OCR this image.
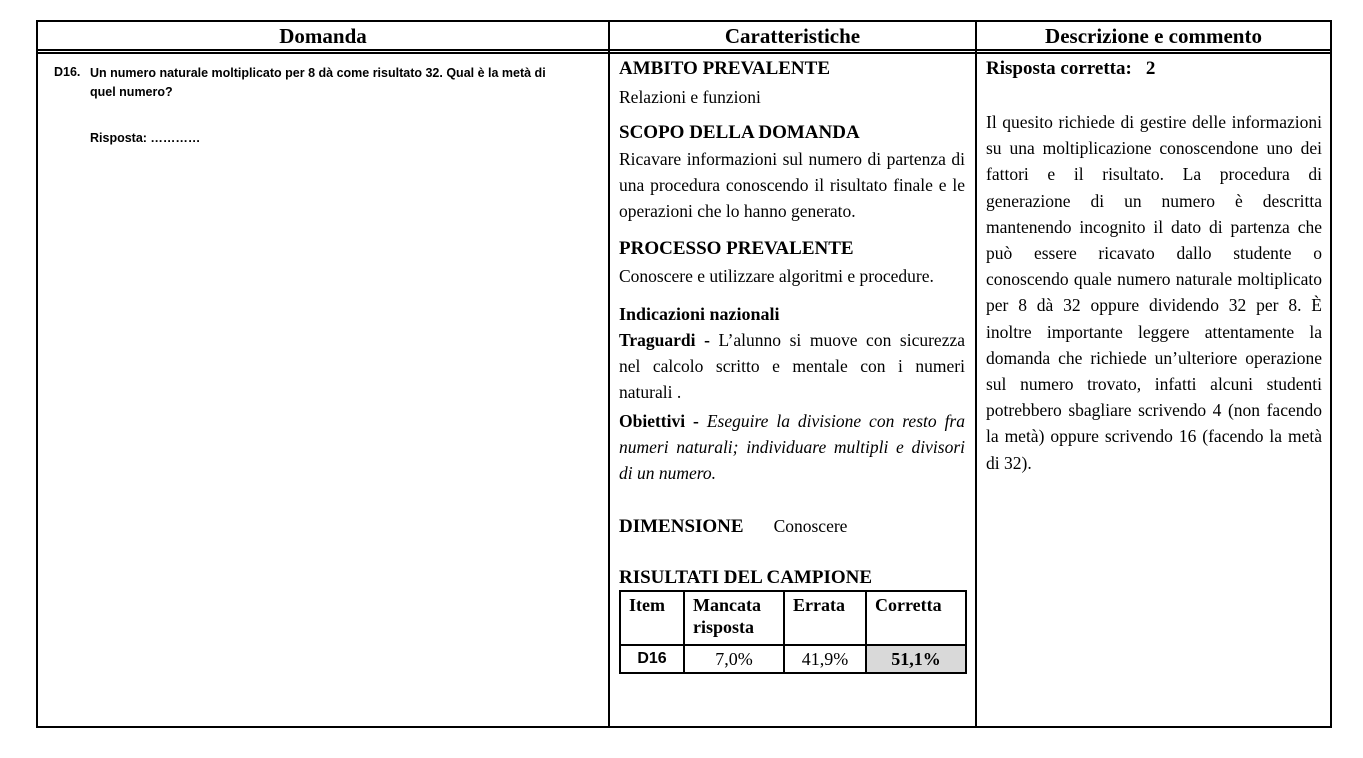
Domanda	Caratteristiche	Descrizione e commento
D16. Un numero naturale moltiplicato per 8 dà come risultato 32. Qual è la metà di quel numero?
Risposta: …………
AMBITO PREVALENTE
Relazioni e funzioni
SCOPO DELLA DOMANDA
Ricavare informazioni sul numero di partenza di una procedura conoscendo il risultato finale e le operazioni che lo hanno generato.
PROCESSO PREVALENTE
Conoscere e utilizzare algoritmi e procedure.
Indicazioni nazionali
Traguardi - L’alunno si muove con sicurezza nel calcolo scritto e mentale con i numeri naturali .
Obiettivi - Eseguire la divisione con resto fra numeri naturali; individuare multipli e divisori di un numero.
DIMENSIONE Conoscere
RISULTATI DEL CAMPIONE
Item	Mancata risposta	Errata	Corretta
D16	7,0%	41,9%	51,1%
Risposta corretta: 2
Il quesito richiede di gestire delle informazioni su una moltiplicazione conoscendone uno dei fattori e il risultato. La procedura di generazione di un numero è descritta mantenendo incognito il dato di partenza che può essere ricavato dallo studente o conoscendo quale numero naturale moltiplicato per 8 dà 32 oppure dividendo 32 per 8. È inoltre importante leggere attentamente la domanda che richiede un’ulteriore operazione sul numero trovato, infatti alcuni studenti potrebbero sbagliare scrivendo 4 (non facendo la metà) oppure scrivendo 16 (facendo la metà di 32).
